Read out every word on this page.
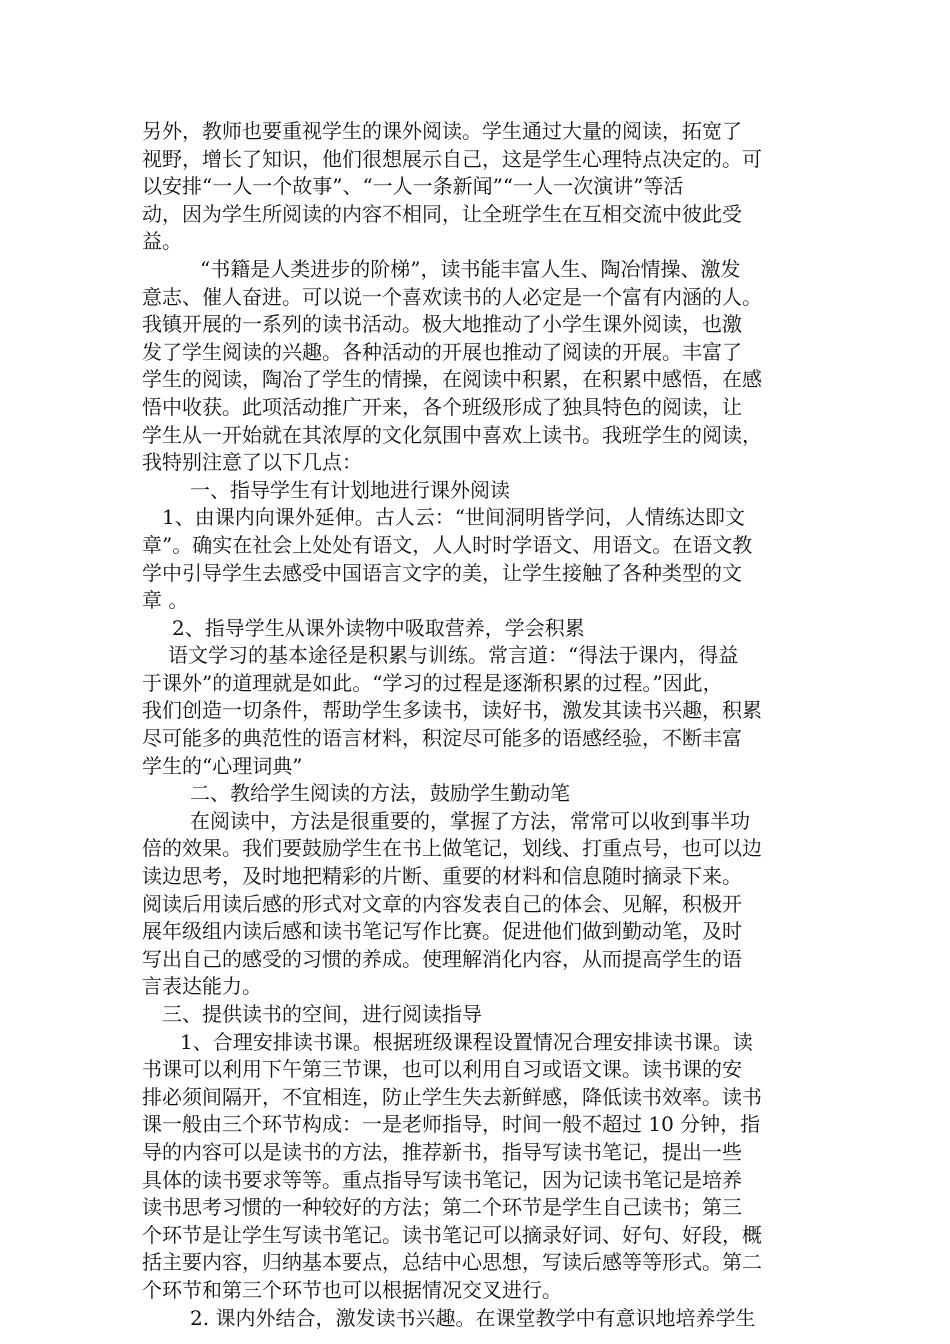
另外，教师也要重视学生的课外阅读。学生通过大量的阅读，拓宽了
视野，增长了知识，他们很想展示自己，这是学生心理特点决定的。可
以安排“一人一个故事”、“一人一条新闻”“一人一次演讲”等活
动，因为学生所阅读的内容不相同，让全班学生在互相交流中彼此受
益。
“书籍是人类进步的阶梯”，读书能丰富人生、陶冶情操、激发
意志、催人奋进。可以说一个喜欢读书的人必定是一个富有内涵的人。
我镇开展的一系列的读书活动。极大地推动了小学生课外阅读，也激
发了学生阅读的兴趣。各种活动的开展也推动了阅读的开展。丰富了
学生的阅读，陶冶了学生的情操，在阅读中积累，在积累中感悟，在感
悟中收获。此项活动推广开来，各个班级形成了独具特色的阅读，让
学生从一开始就在其浓厚的文化氛围中喜欢上读书。我班学生的阅读，
我特别注意了以下几点：
一、指导学生有计划地进行课外阅读
1、由课内向课外延伸。古人云：“世间洞明皆学问，人情练达即文
章”。确实在社会上处处有语文，人人时时学语文、用语文。在语文教
学中引导学生去感受中国语言文字的美，让学生接触了各种类型的文
章 。
2、指导学生从课外读物中吸取营养，学会积累
语文学习的基本途径是积累与训练。常言道：“得法于课内，得益
于课外”的道理就是如此。“学习的过程是逐渐积累的过程。”因此，
我们创造一切条件，帮助学生多读书，读好书，激发其读书兴趣，积累
尽可能多的典范性的语言材料，积淀尽可能多的语感经验，不断丰富
学生的“心理词典”
二、教给学生阅读的方法，鼓励学生勤动笔
在阅读中，方法是很重要的，掌握了方法，常常可以收到事半功
倍的效果。我们要鼓励学生在书上做笔记，划线、打重点号，也可以边
读边思考，及时地把精彩的片断、重要的材料和信息随时摘录下来。
阅读后用读后感的形式对文章的内容发表自己的体会、见解，积极开
展年级组内读后感和读书笔记写作比赛。促进他们做到勤动笔，及时
写出自己的感受的习惯的养成。使理解消化内容，从而提高学生的语
言表达能力。
三、提供读书的空间，进行阅读指导
1、合理安排读书课。根据班级课程设置情况合理安排读书课。读
书课可以利用下午第三节课，也可以利用自习或语文课。读书课的安
排必须间隔开，不宜相连，防止学生失去新鲜感，降低读书效率。读书
课一般由三个环节构成：一是老师指导，时间一般不超过 10 分钟，指
导的内容可以是读书的方法，推荐新书，指导写读书笔记，提出一些
具体的读书要求等等。重点指导写读书笔记，因为记读书笔记是培养
读书思考习惯的一种较好的方法；第二个环节是学生自己读书；第三
个环节是让学生写读书笔记。读书笔记可以摘录好词、好句、好段，概
括主要内容，归纳基本要点，总结中心思想，写读后感等等形式。第二
个环节和第三个环节也可以根据情况交叉进行。
2. 课内外结合，激发读书兴趣。在课堂教学中有意识地培养学生
